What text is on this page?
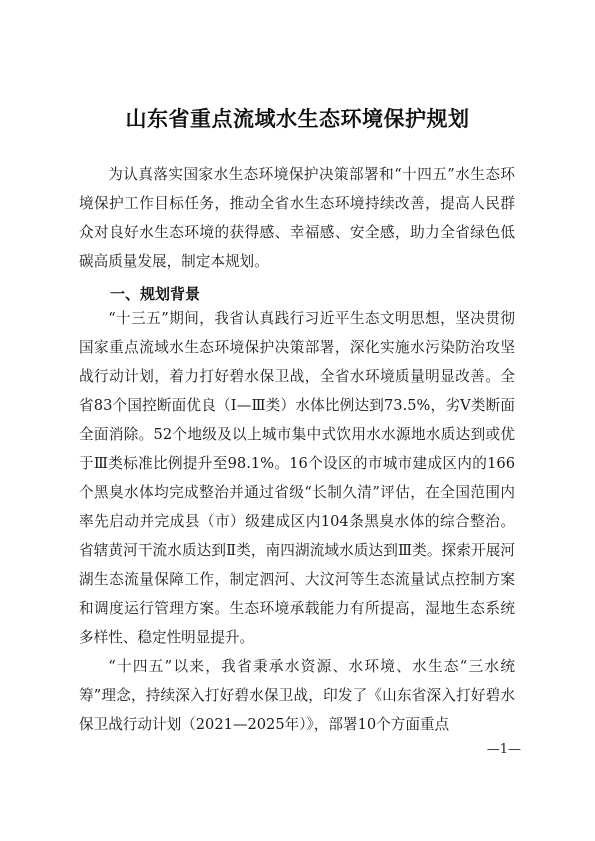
山东省重点流域水生态环境保护规划

为认真落实国家水生态环境保护决策部署和“十四五”水生态环境保护工作目标任务，推动全省水生态环境持续改善，提高人民群众对良好水生态环境的获得感、幸福感、安全感，助力全省绿色低碳高质量发展，制定本规划。

一、规划背景

“十三五”期间，我省认真践行习近平生态文明思想，坚决贯彻国家重点流域水生态环境保护决策部署，深化实施水污染防治攻坚战行动计划，着力打好碧水保卫战，全省水环境质量明显改善。全省83个国控断面优良（Ⅰ—Ⅲ类）水体比例达到73.5%，劣Ⅴ类断面全面消除。52个地级及以上城市集中式饮用水水源地水质达到或优于Ⅲ类标准比例提升至98.1%。16个设区的市城市建成区内的166个黑臭水体均完成整治并通过省级“长制久清”评估，在全国范围内率先启动并完成县（市）级建成区内104条黑臭水体的综合整治。省辖黄河干流水质达到Ⅱ类，南四湖流域水质达到Ⅲ类。探索开展河湖生态流量保障工作，制定泗河、大汶河等生态流量试点控制方案和调度运行管理方案。生态环境承载能力有所提高，湿地生态系统多样性、稳定性明显提升。

“十四五”以来，我省秉承水资源、水环境、水生态“三水统筹”理念，持续深入打好碧水保卫战，印发了《山东省深入打好碧水保卫战行动计划（2021—2025年）》，部署10个方面重点

—1—
